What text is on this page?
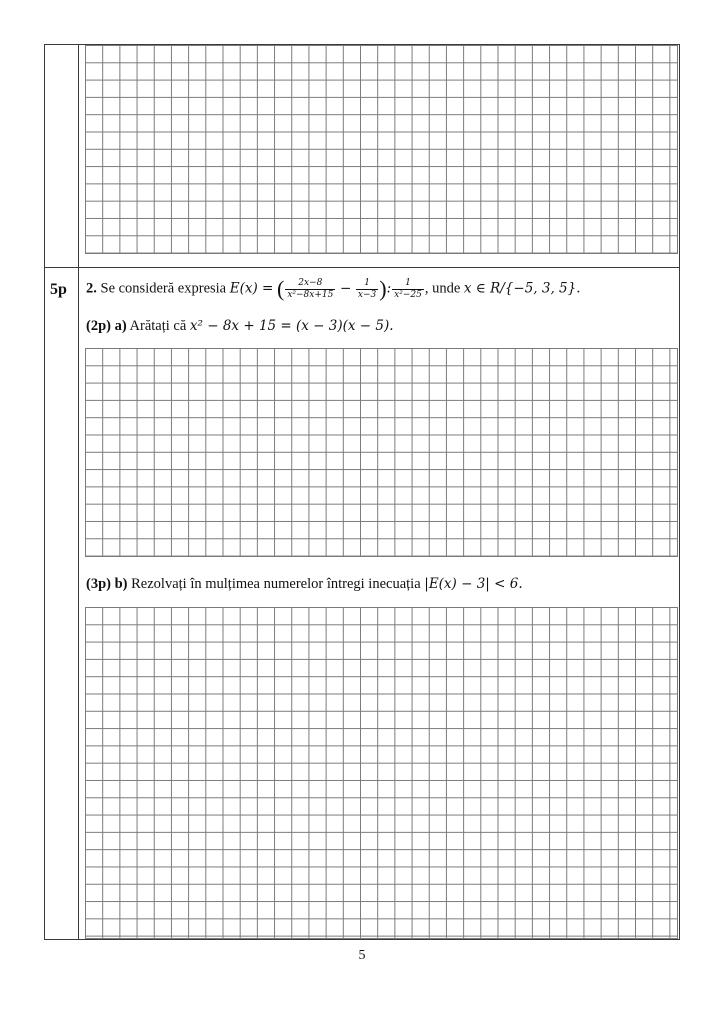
5p 2. Se consideră expresia E(x) = ( $\frac{2x-8}{\text{x²−8x+15}} - \frac{1}{x-3}$ ): $\frac{1}{\text{x²−25}}$ , unde x ∈ R/{−5, 3, 5}.
(2p) a) Arătați că x² − 8x + 15 = (x − 3)(x − 5).
(3p) b) Rezolvați în mulțimea numerelor întregi inecuația |E(x) − 3| < 6.
5
